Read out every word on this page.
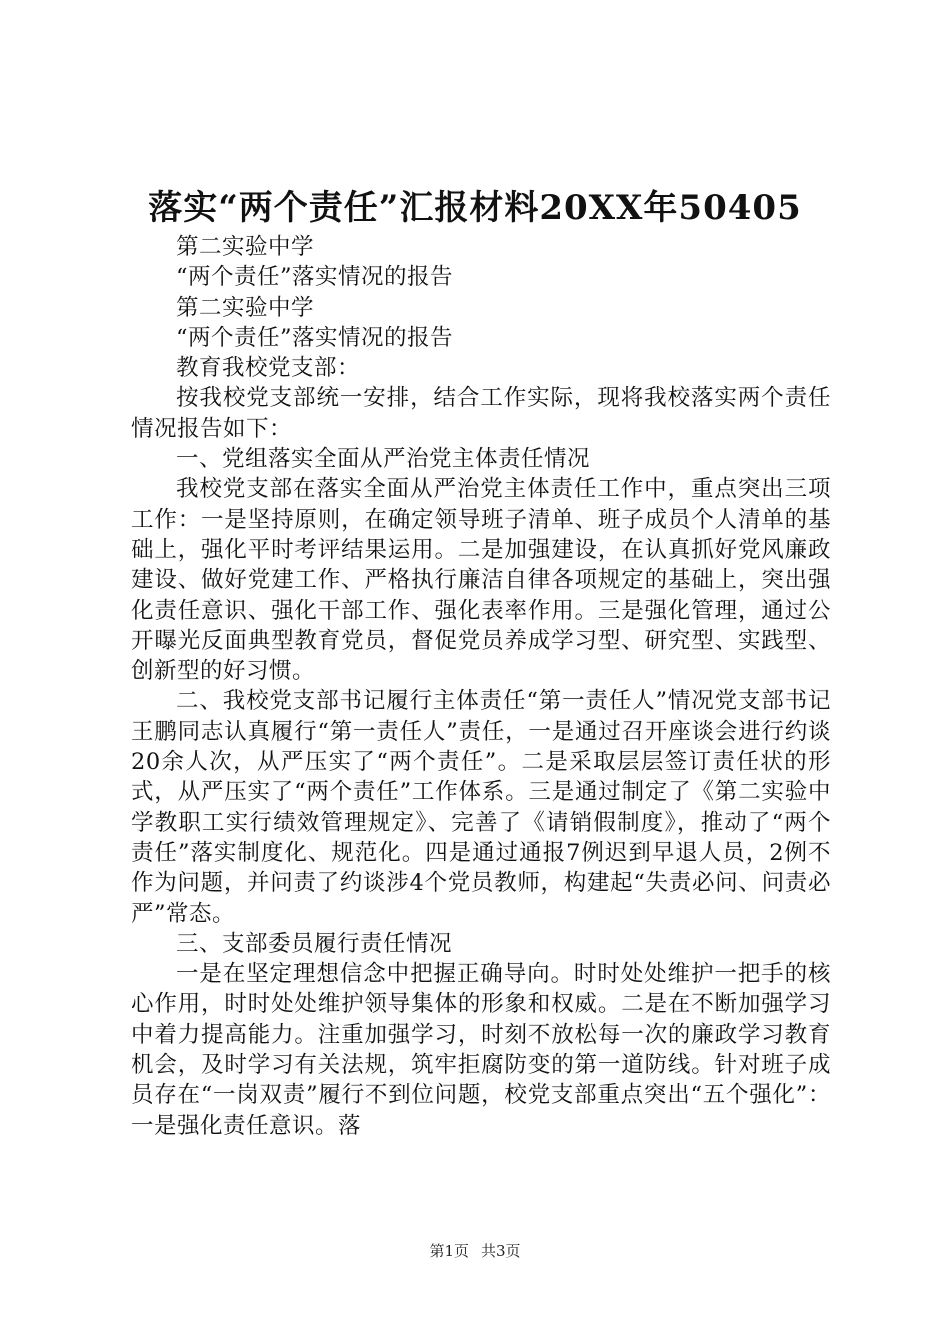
落实“两个责任”汇报材料20XX年50405

第二实验中学

“两个责任”落实情况的报告

第二实验中学

“两个责任”落实情况的报告

教育我校党支部：

按我校党支部统一安排，结合工作实际，现将我校落实两个责任情况报告如下：

一、党组落实全面从严治党主体责任情况

我校党支部在落实全面从严治党主体责任工作中，重点突出三项工作：一是坚持原则，在确定领导班子清单、班子成员个人清单的基础上，强化平时考评结果运用。二是加强建设，在认真抓好党风廉政建设、做好党建工作、严格执行廉洁自律各项规定的基础上，突出强化责任意识、强化干部工作、强化表率作用。三是强化管理，通过公开曝光反面典型教育党员，督促党员养成学习型、研究型、实践型、创新型的好习惯。

二、我校党支部书记履行主体责任“第一责任人”情况党支部书记王鹏同志认真履行“第一责任人”责任，一是通过召开座谈会进行约谈20余人次，从严压实了“两个责任”。二是采取层层签订责任状的形式，从严压实了“两个责任”工作体系。三是通过制定了《第二实验中学教职工实行绩效管理规定》、完善了《请销假制度》，推动了“两个责任”落实制度化、规范化。四是通过通报7例迟到早退人员，2例不作为问题，并问责了约谈涉4个党员教师，构建起“失责必问、问责必严”常态。

三、支部委员履行责任情况

一是在坚定理想信念中把握正确导向。时时处处维护一把手的核心作用，时时处处维护领导集体的形象和权威。二是在不断加强学习中着力提高能力。注重加强学习，时刻不放松每一次的廉政学习教育机会，及时学习有关法规，筑牢拒腐防变的第一道防线。针对班子成员存在“一岗双责”履行不到位问题，校党支部重点突出“五个强化”：一是强化责任意识。落

第1页 共3页
